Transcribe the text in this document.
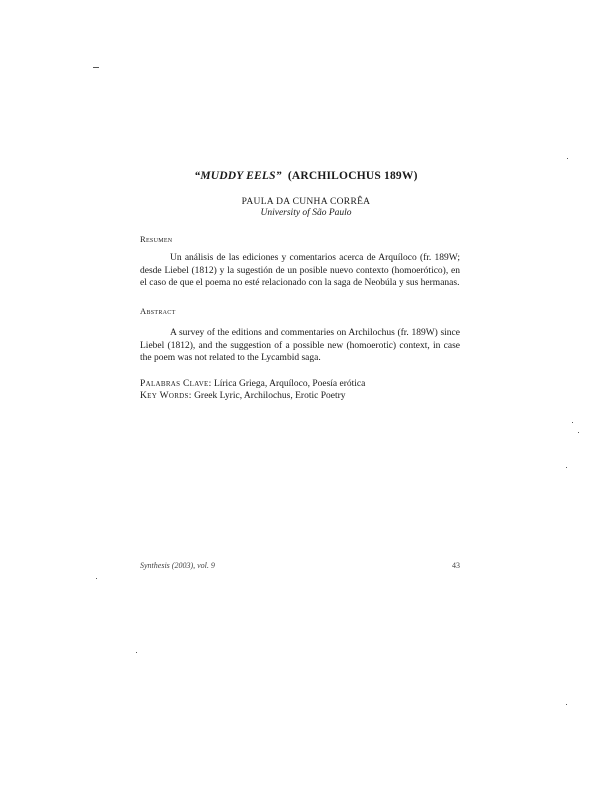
“MUDDY EELS” (ARCHILOCHUS 189W)
PAULA DA CUNHA CORRÊA
University of São Paulo
Resumen
Un análisis de las ediciones y comentarios acerca de Arquíloco (fr. 189W;
desde Liebel (1812) y la sugestión de un posible nuevo contexto (homoerótico), en
el caso de que el poema no esté relacionado con la saga de Neobúla y sus hermanas.
Abstract
A survey of the editions and commentaries on Archilochus (fr. 189W) since
Liebel (1812), and the suggestion of a possible new (homoerotic) context, in case
the poem was not related to the Lycambid saga.
Palabras Clave: Lírica Griega, Arquíloco, Poesía erótica
Key Words: Greek Lyric, Archilochus, Erotic Poetry
Synthesis (2003), vol. 9	43
